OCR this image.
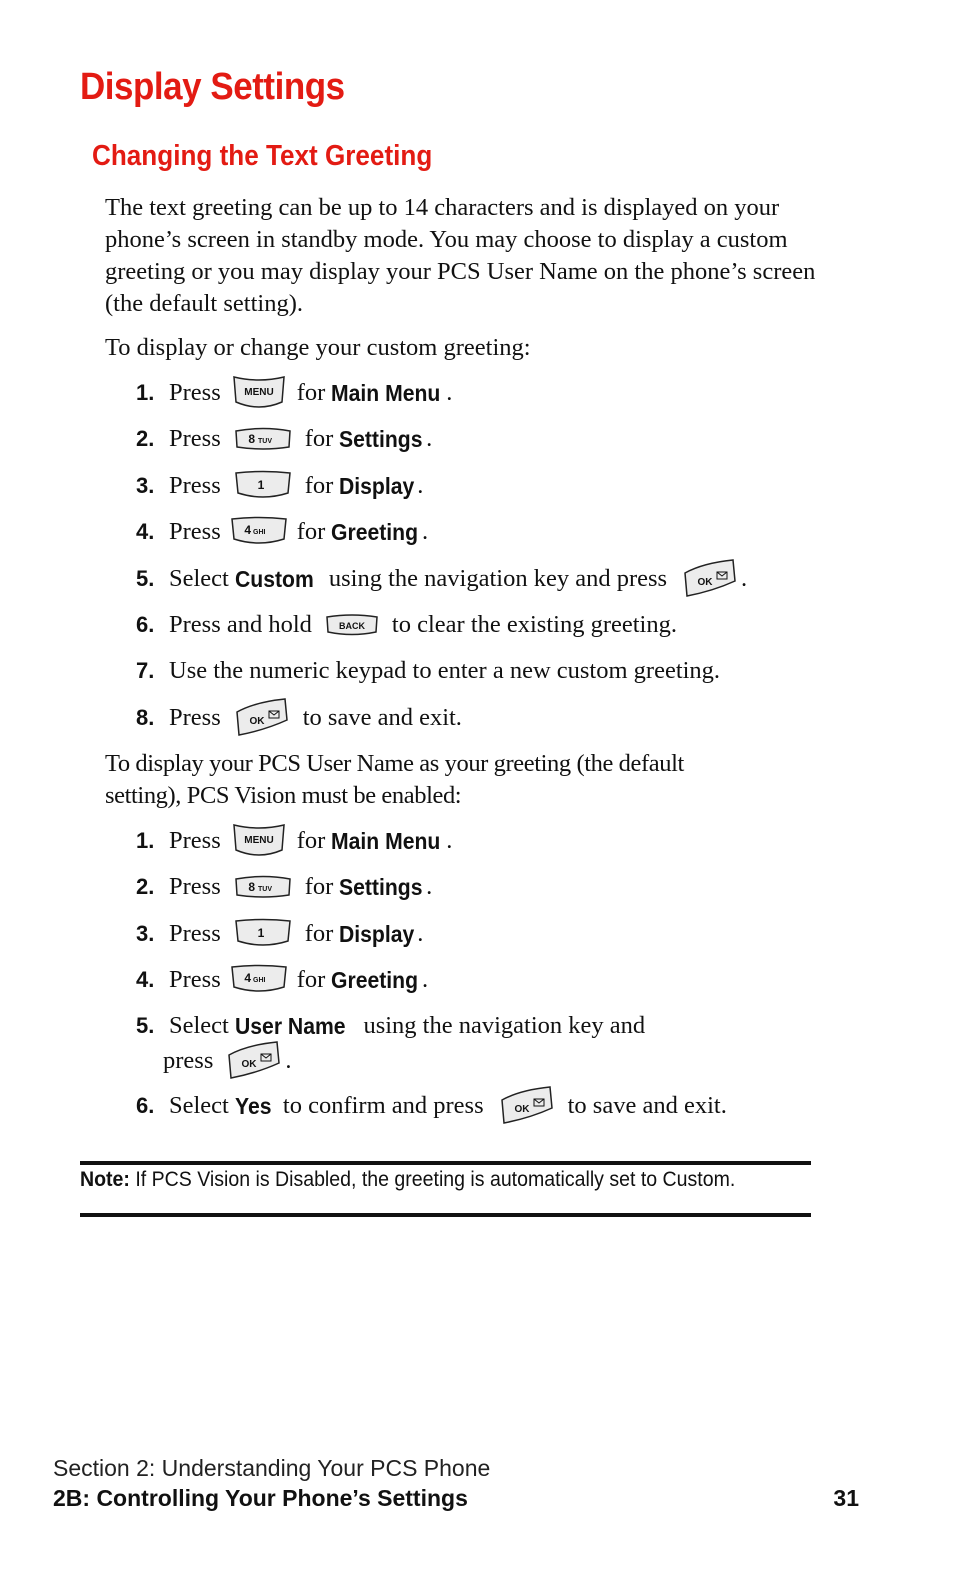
Display Settings
Changing the Text Greeting

The text greeting can be up to 14 characters and is displayed on your phone’s screen in standby mode. You may choose to display a custom greeting or you may display your PCS User Name on the phone’s screen (the default setting).

To display or change your custom greeting:

1. Press MENU for
Main Menu .
2. Press 8 TUV for
Settings .
3. Press	1 for
Display .
4. Press 4 GHI for
Greeting .
5. Select
Custom
using the navigation key and press	OK .
6. Press and hold	BACK to clear the existing greeting.
7. Use the numeric keypad to enter a new custom greeting.
8. Press	OK to save and exit.

To display your PCS User Name as your greeting (the default setting), PCS Vision must be enabled:

1. Press MENU for
Main Menu .
2. Press 8 TUV for
Settings .
3. Press	1 for
Display .
4. Press 4 GHI for
Greeting .
5. Select
User Name
using the navigation key and
press	OK .
6. Select
Yes
to confirm and press	OK to save and exit.

Note: If PCS Vision is Disabled, the greeting is automatically set to Custom.

Section 2: Understanding Your PCS Phone

2B: Controlling Your Phone’s Settings	31
